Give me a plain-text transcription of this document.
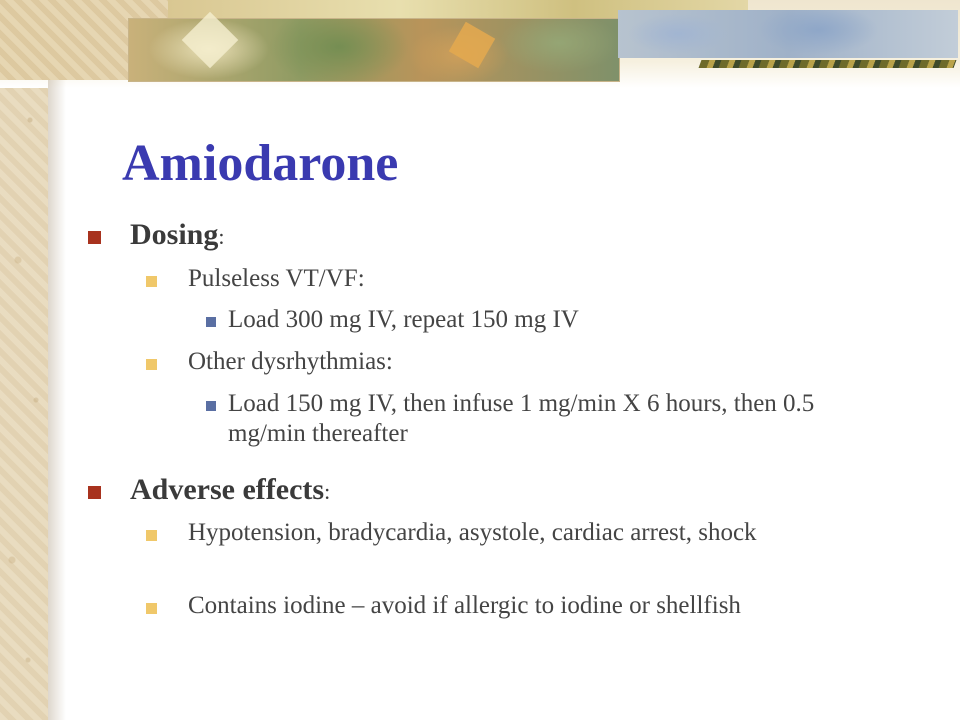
Amiodarone
Dosing:
Pulseless VT/VF:
Load 300 mg IV, repeat 150 mg IV
Other dysrhythmias:
Load 150 mg IV, then infuse 1 mg/min X 6 hours, then 0.5 mg/min thereafter
Adverse effects:
Hypotension, bradycardia, asystole, cardiac arrest, shock
Contains iodine – avoid if allergic to iodine or shellfish
